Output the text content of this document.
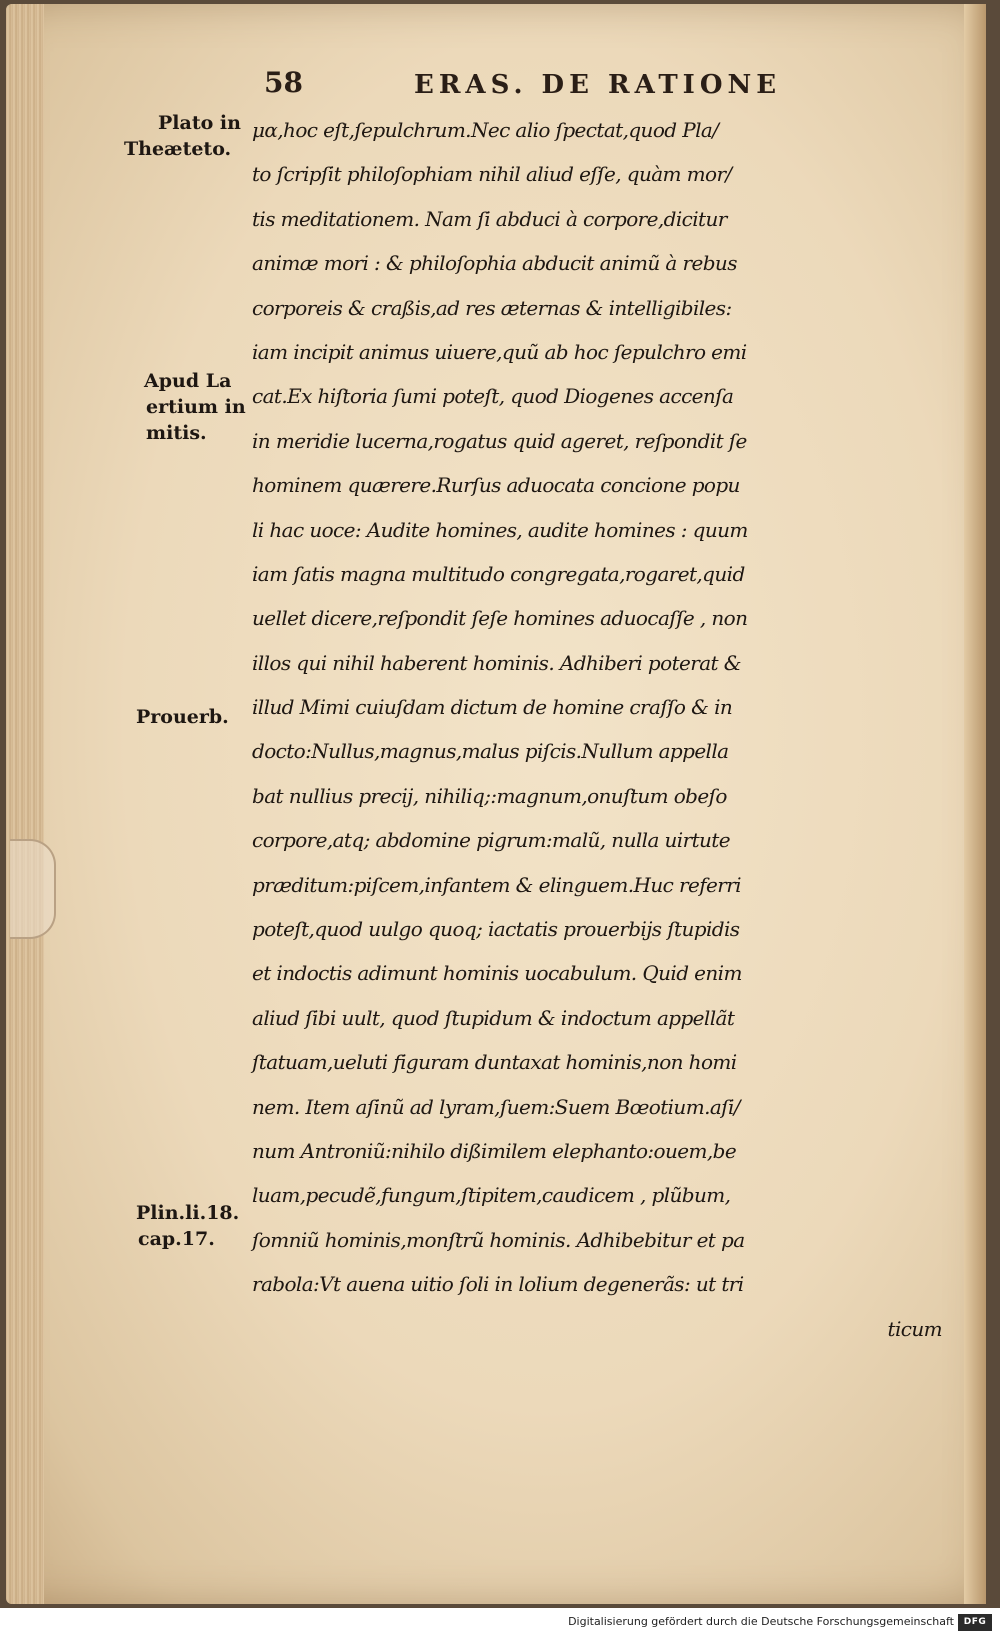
58	ERAS. DE RATIONE
Plato in
Theæteto.
Apud La
ertium in
mitis.
Prouerb.
Plin.li.18.
cap.17.
μα,hoc eſt,ſepulchrum.Nec alio ſpectat,quod Pla/
to ſcripſit philoſophiam nihil aliud eſſe, quàm mor/
tis meditationem. Nam ſi abduci à corpore,dicitur
animæ mori : & philoſophia abducit animũ à rebus
corporeis & craßis,ad res æternas & intelligibiles:
iam incipit animus uiuere,quũ ab hoc ſepulchro emi
cat.Ex hiſtoria ſumi poteſt, quod Diogenes accenſa
in meridie lucerna,rogatus quid ageret, reſpondit ſe
hominem quærere.Rurſus aduocata concione popu
li hac uoce: Audite homines, audite homines : quum
iam ſatis magna multitudo congregata,rogaret,quid
uellet dicere,reſpondit ſeſe homines aduocaſſe , non
illos qui nihil haberent hominis. Adhiberi poterat &
illud Mimi cuiuſdam dictum de homine craſſo & in
docto:Nullus,magnus,malus piſcis.Nullum appella
bat nullius precij, nihiliq;:magnum,onuſtum obeſo
corpore,atq; abdomine pigrum:malũ, nulla uirtute
præditum:piſcem,infantem & elinguem.Huc referri
poteſt,quod uulgo quoq; iactatis prouerbijs ſtupidis
et indoctis adimunt hominis uocabulum. Quid enim
aliud ſibi uult, quod ſtupidum & indoctum appellãt
ſtatuam,ueluti figuram duntaxat hominis,non homi
nem. Item aſinũ ad lyram,ſuem:Suem Bœotium.aſi/
num Antroniũ:nihilo dißimilem elephanto:ouem,be
luam,pecudẽ,fungum,ſtipitem,caudicem , plũbum,
ſomniũ hominis,monſtrũ hominis. Adhibebitur et pa
rabola:Vt auena uitio ſoli in lolium degenerãs: ut tri
ticum
Digitalisierung gefördert durch die Deutsche Forschungsgemeinschaft	DFG
